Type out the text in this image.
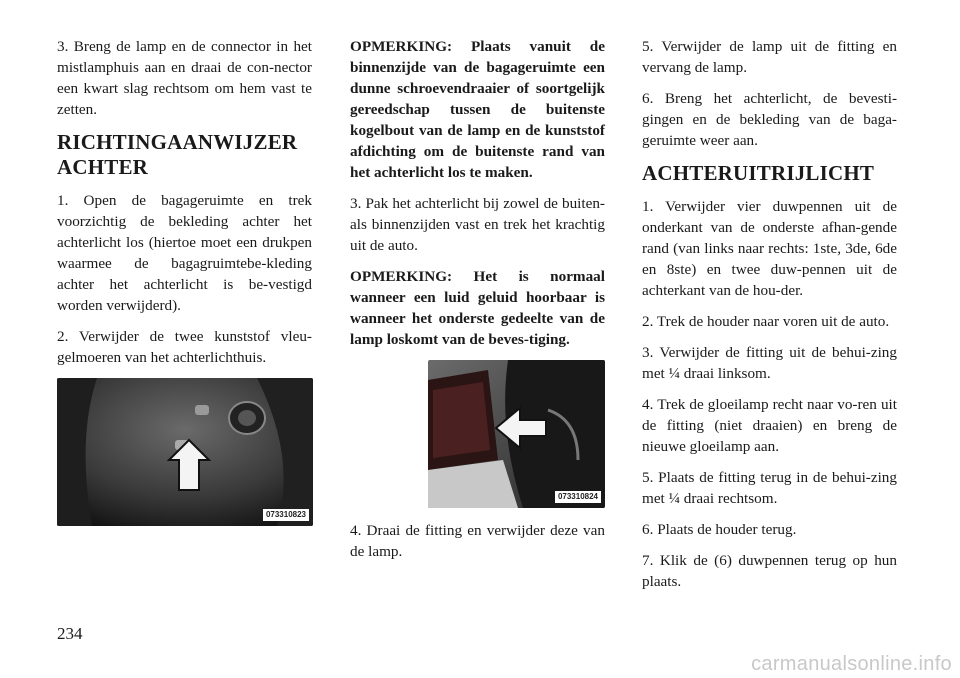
3. Breng de lamp en de connector in het mistlamphuis aan en draai de con-nector een kwart slag rechtsom om hem vast te zetten.

RICHTINGAANWIJZER ACHTER

1. Open de bagageruimte en trek voorzichtig de bekleding achter het achterlicht los (hiertoe moet een drukpen waarmee de bagagruimtebe-kleding achter het achterlicht is be-vestigd worden verwijderd).

2. Verwijder de twee kunststof vleu-gelmoeren van het achterlichthuis.

073310823

OPMERKING: Plaats vanuit de binnenzijde van de bagageruimte een dunne schroevendraaier of soortgelijk gereedschap tussen de buitenste kogelbout van de lamp en de kunststof afdichting om de buitenste rand van het achterlicht los te maken.

3. Pak het achterlicht bij zowel de buiten- als binnenzijden vast en trek het krachtig uit de auto.

OPMERKING: Het is normaal wanneer een luid geluid hoorbaar is wanneer het onderste gedeelte van de lamp loskomt van de beves-tiging.

073310824

4. Draai de fitting en verwijder deze van de lamp.

5. Verwijder de lamp uit de fitting en vervang de lamp.

6. Breng het achterlicht, de bevesti-gingen en de bekleding van de baga-geruimte weer aan.

ACHTERUITRIJLICHT

1. Verwijder vier duwpennen uit de onderkant van de onderste afhan-gende rand (van links naar rechts: 1ste, 3de, 6de en 8ste) en twee duw-pennen uit de achterkant van de hou-der.

2. Trek de houder naar voren uit de auto.

3. Verwijder de fitting uit de behui-zing met ¼ draai linksom.

4. Trek de gloeilamp recht naar vo-ren uit de fitting (niet draaien) en breng de nieuwe gloeilamp aan.

5. Plaats de fitting terug in de behui-zing met ¼ draai rechtsom.

6. Plaats de houder terug.

7. Klik de (6) duwpennen terug op hun plaats.

234
carmanualsonline.info
